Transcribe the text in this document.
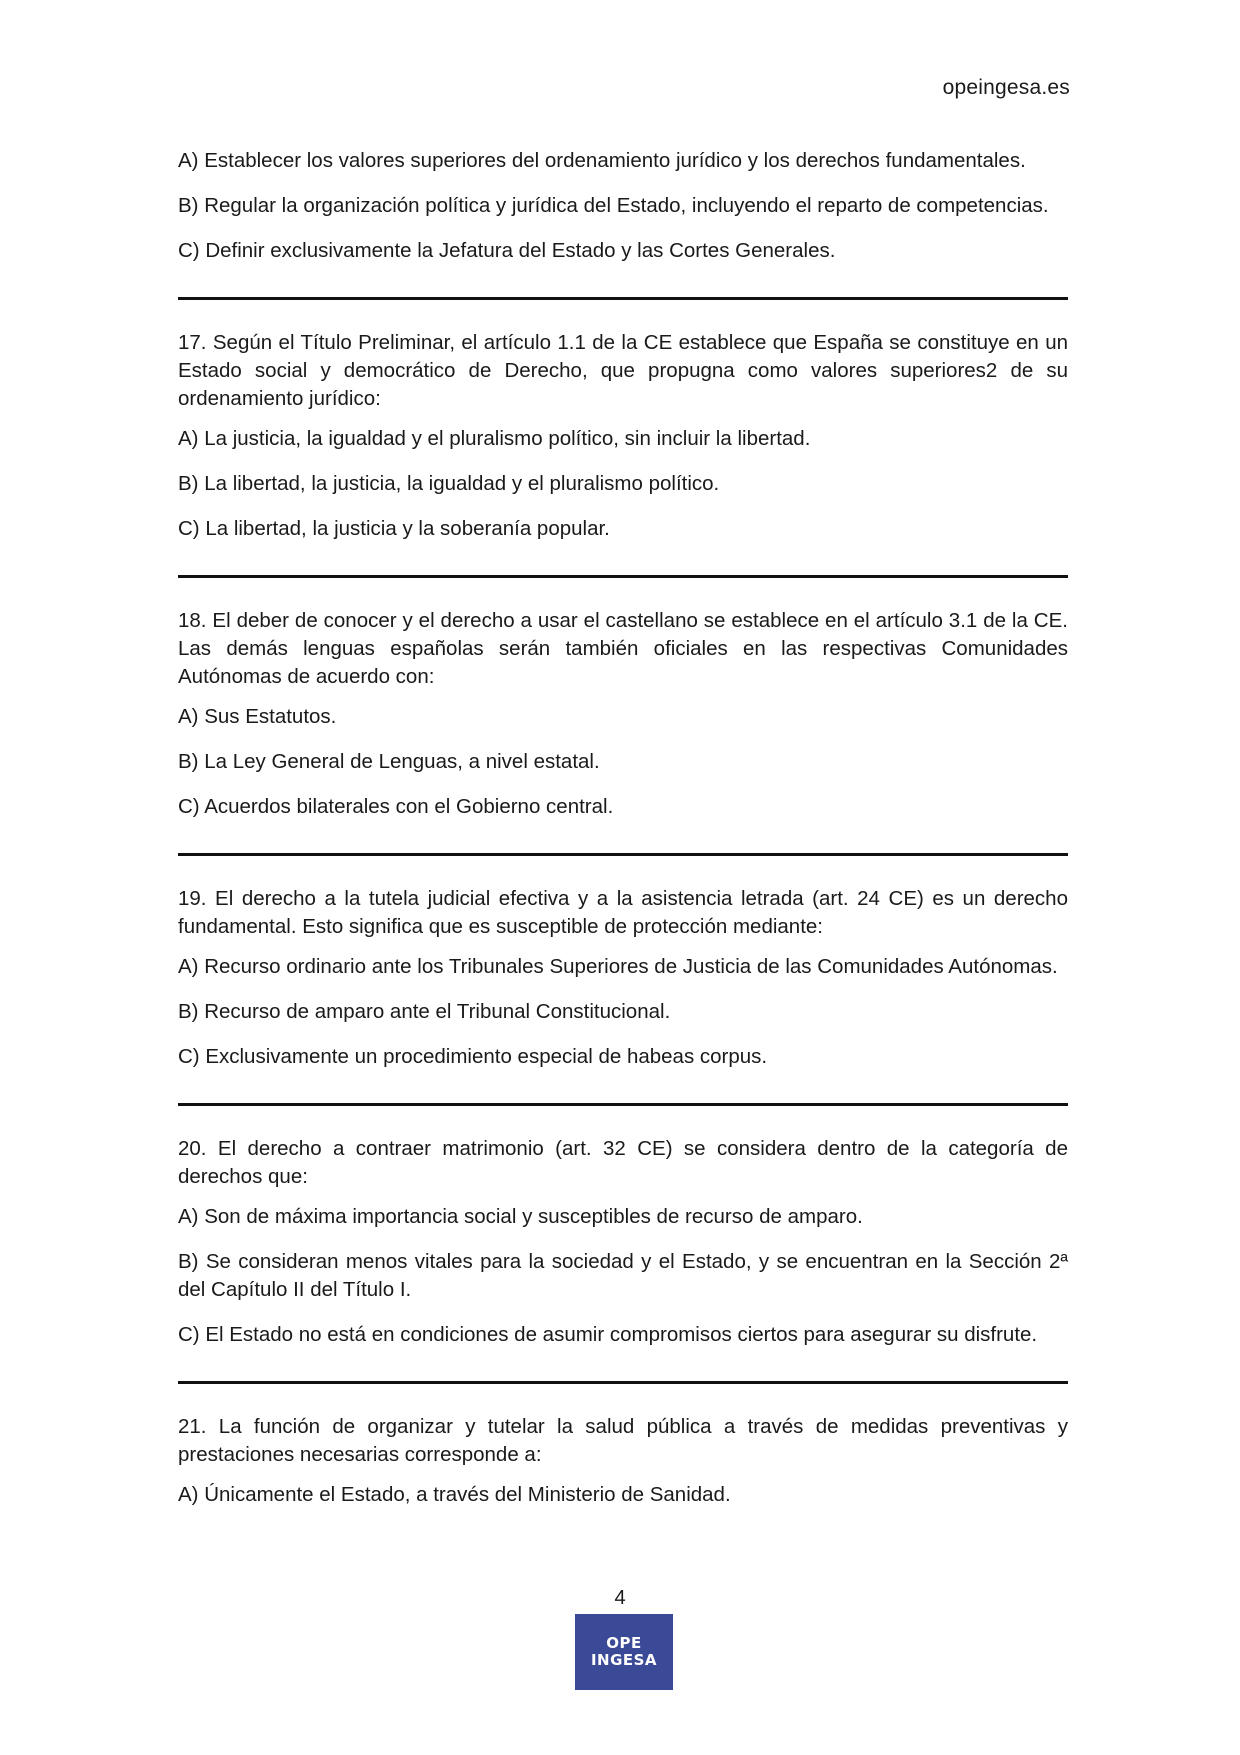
opeingesa.es

A) Establecer los valores superiores del ordenamiento jurídico y los derechos fundamentales.

B) Regular la organización política y jurídica del Estado, incluyendo el reparto de competencias.

C) Definir exclusivamente la Jefatura del Estado y las Cortes Generales.

17. Según el Título Preliminar, el artículo 1.1 de la CE establece que España se constituye en un Estado social y democrático de Derecho, que propugna como valores superiores2 de su ordenamiento jurídico:

A) La justicia, la igualdad y el pluralismo político, sin incluir la libertad.

B) La libertad, la justicia, la igualdad y el pluralismo político.

C) La libertad, la justicia y la soberanía popular.

18. El deber de conocer y el derecho a usar el castellano se establece en el artículo 3.1 de la CE. Las demás lenguas españolas serán también oficiales en las respectivas Comunidades Autónomas de acuerdo con:

A) Sus Estatutos.

B) La Ley General de Lenguas, a nivel estatal.

C) Acuerdos bilaterales con el Gobierno central.

19. El derecho a la tutela judicial efectiva y a la asistencia letrada (art. 24 CE) es un derecho fundamental. Esto significa que es susceptible de protección mediante:

A) Recurso ordinario ante los Tribunales Superiores de Justicia de las Comunidades Autónomas.

B) Recurso de amparo ante el Tribunal Constitucional.

C) Exclusivamente un procedimiento especial de habeas corpus.

20. El derecho a contraer matrimonio (art. 32 CE) se considera dentro de la categoría de derechos que:

A) Son de máxima importancia social y susceptibles de recurso de amparo.

B) Se consideran menos vitales para la sociedad y el Estado, y se encuentran en la Sección 2ª del Capítulo II del Título I.

C) El Estado no está en condiciones de asumir compromisos ciertos para asegurar su disfrute.

21. La función de organizar y tutelar la salud pública a través de medidas preventivas y prestaciones necesarias corresponde a:

A) Únicamente el Estado, a través del Ministerio de Sanidad.

4
OPE
INGESA
